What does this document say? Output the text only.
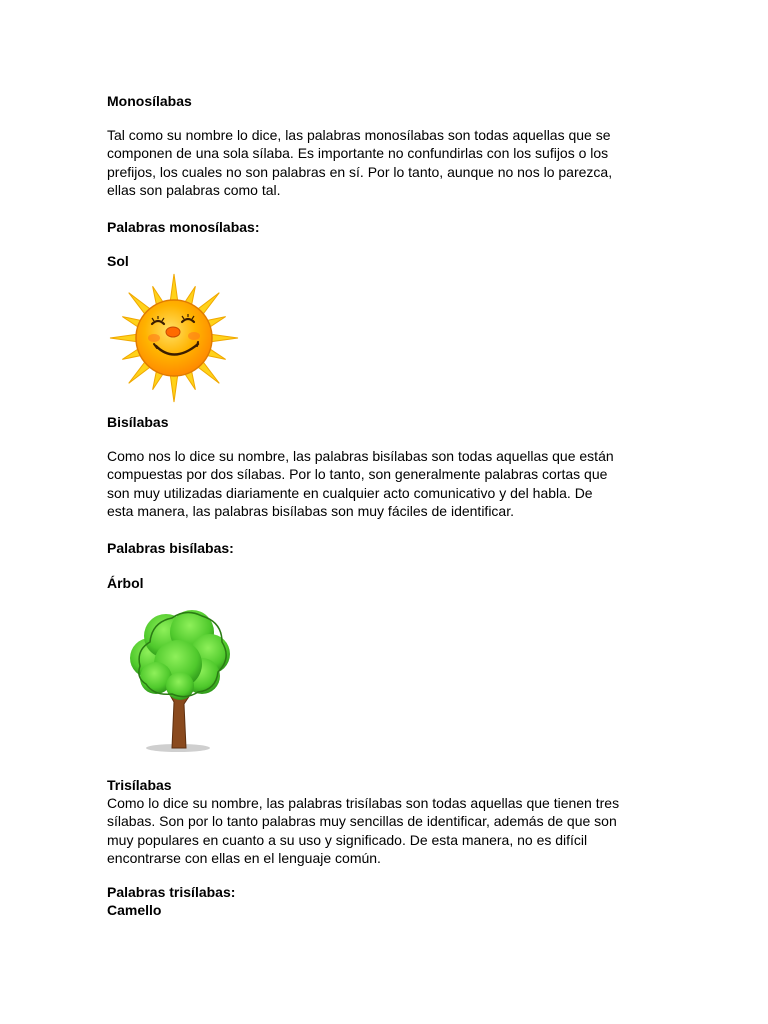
Monosílabas
Tal como su nombre lo dice, las palabras monosílabas son todas aquellas que se
componen de una sola sílaba. Es importante no confundirlas con los sufijos o los
prefijos, los cuales no son palabras en sí. Por lo tanto, aunque no nos lo parezca,
ellas son palabras como tal.
Palabras monosílabas:
Sol
Bisílabas
Como nos lo dice su nombre, las palabras bisílabas son todas aquellas que están
compuestas por dos sílabas. Por lo tanto, son generalmente palabras cortas que
son muy utilizadas diariamente en cualquier acto comunicativo y del habla. De
esta manera, las palabras bisílabas son muy fáciles de identificar.
Palabras bisílabas:
Árbol
Trisílabas
Como lo dice su nombre, las palabras trisílabas son todas aquellas que tienen tres
sílabas. Son por lo tanto palabras muy sencillas de identificar, además de que son
muy populares en cuanto a su uso y significado. De esta manera, no es difícil
encontrarse con ellas en el lenguaje común.
Palabras trisílabas:
Camello
